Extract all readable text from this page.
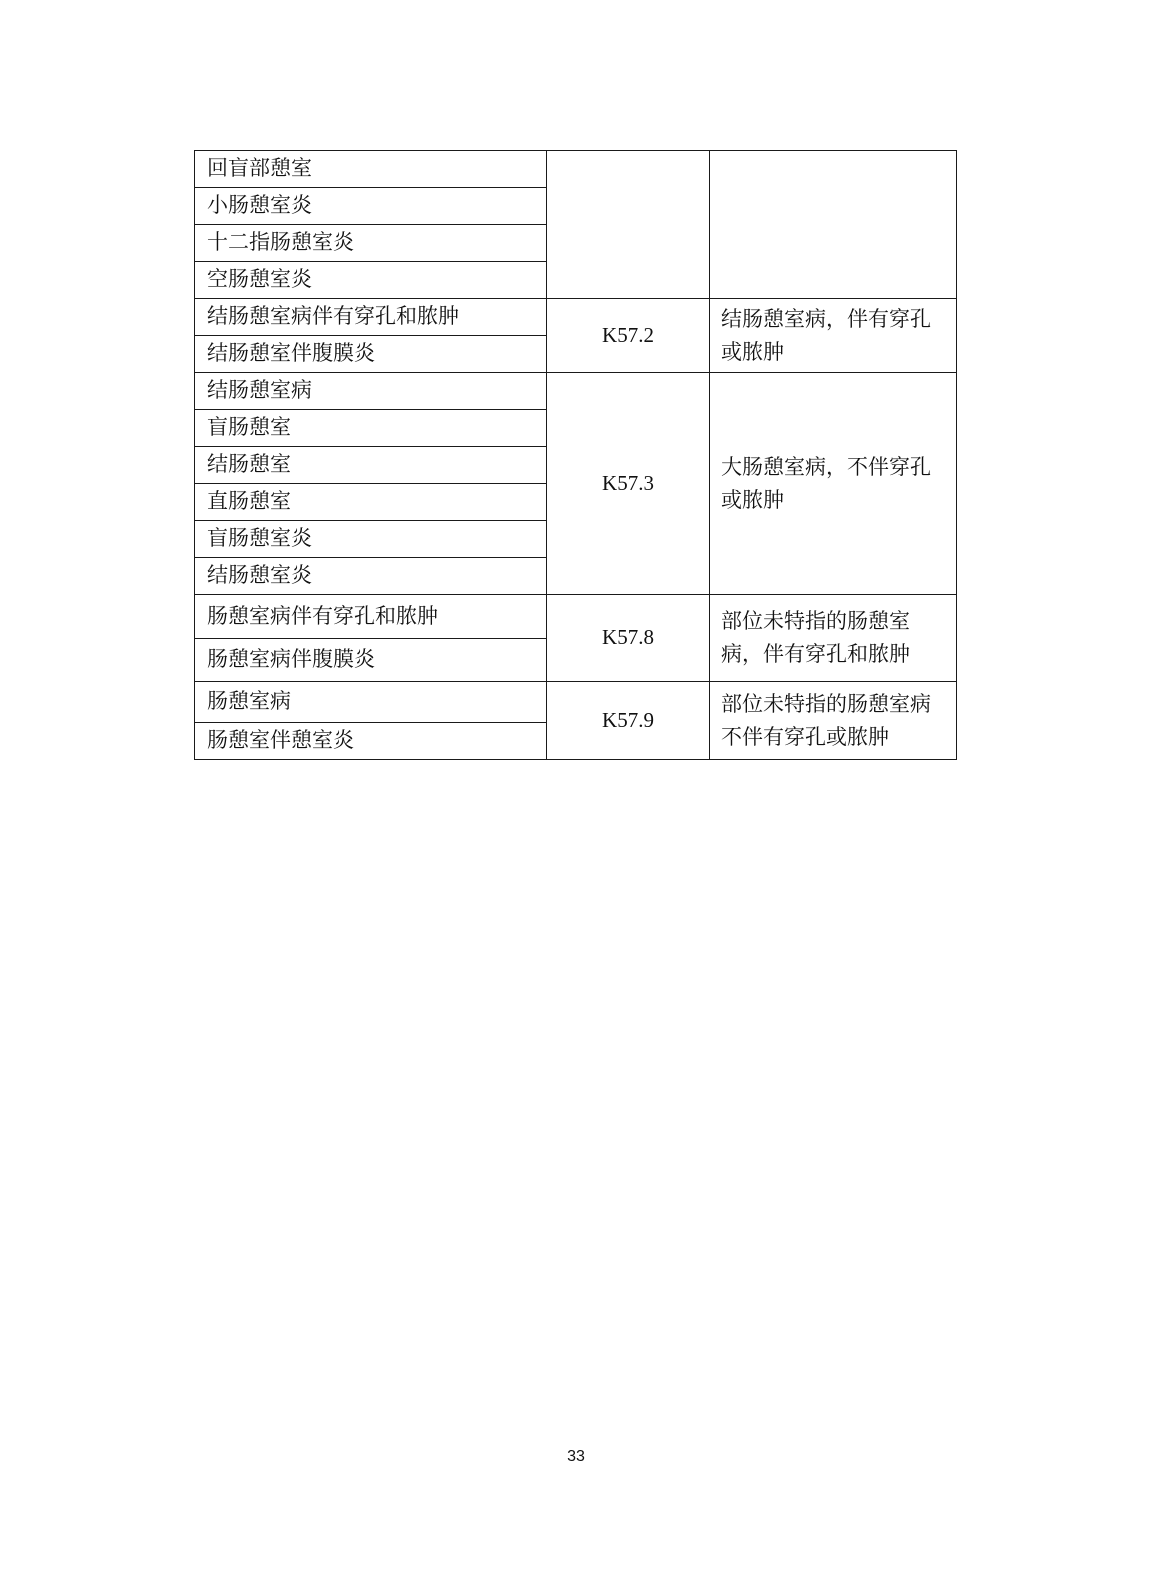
回盲部憩室		
小肠憩室炎		
十二指肠憩室炎		
空肠憩室炎		
结肠憩室病伴有穿孔和脓肿	K57.2	结肠憩室病，伴有穿孔或脓肿
结肠憩室伴腹膜炎		
结肠憩室病	K57.3	大肠憩室病，不伴穿孔或脓肿
盲肠憩室		
结肠憩室		
直肠憩室		
盲肠憩室炎		
结肠憩室炎		
肠憩室病伴有穿孔和脓肿	K57.8	部位未特指的肠憩室病，伴有穿孔和脓肿
肠憩室病伴腹膜炎		
肠憩室病	K57.9	部位未特指的肠憩室病不伴有穿孔或脓肿
肠憩室伴憩室炎		
33
